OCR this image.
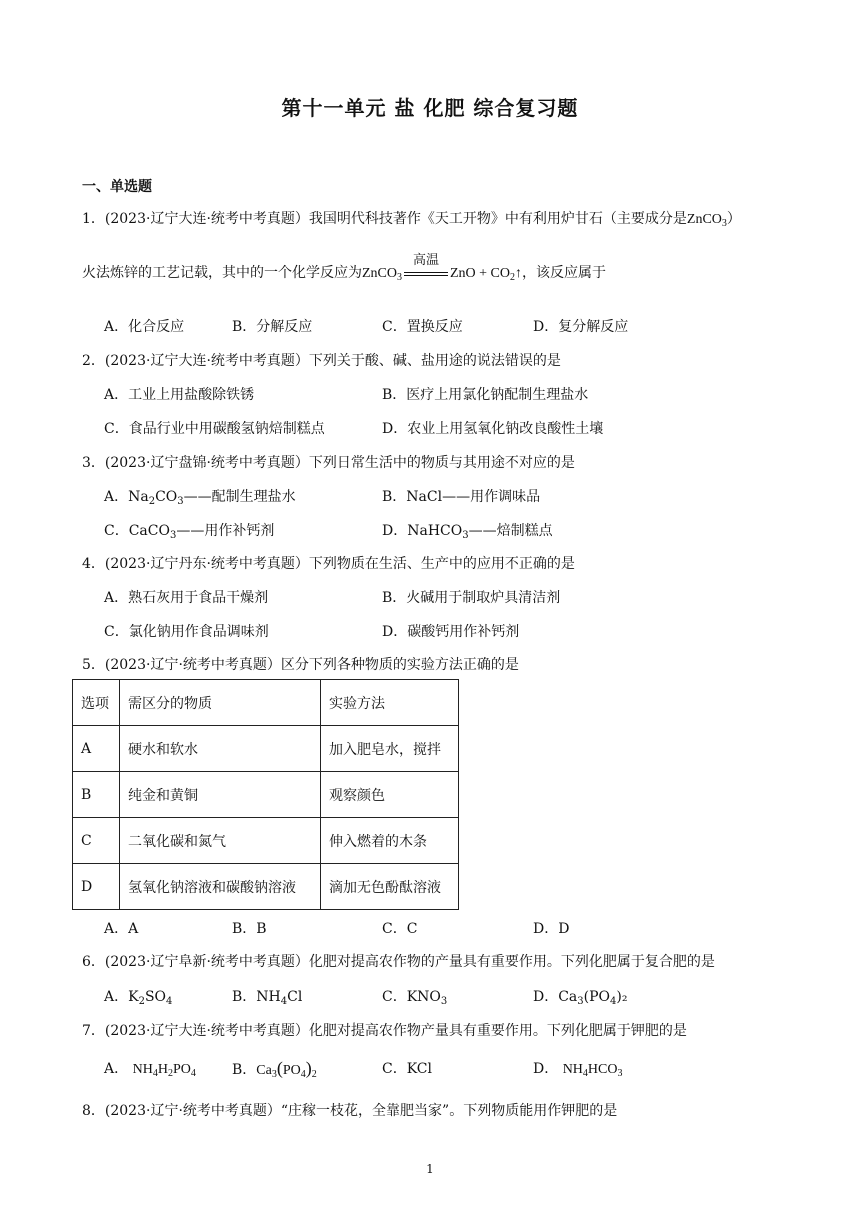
第十一单元 盐 化肥 综合复习题
一、单选题
1．(2023·辽宁大连·统考中考真题）我国明代科技著作《天工开物》中有利用炉甘石（主要成分是ZnCO$_3$）
火法炼锌的工艺记载，其中的一个化学反应为ZnCO$_3$
高温
ZnO + $CO_2↑$，该反应属于
A．化合反应	B．分解反应	C．置换反应	D．复分解反应
2．(2023·辽宁大连·统考中考真题）下列关于酸、碱、盐用途的说法错误的是
A．工业上用盐酸除铁锈	B．医疗上用氯化钠配制生理盐水
C．食品行业中用碳酸氢钠焙制糕点	D．农业上用氢氧化钠改良酸性土壤
3．(2023·辽宁盘锦·统考中考真题）下列日常生活中的物质与其用途不对应的是
A．$Na_2CO_3——$配制生理盐水	B．NaCl——用作调味品
C．CaCO$_3$——用作补钙剂	D．NaHCO$_3$——焙制糕点
4．(2023·辽宁丹东·统考中考真题）下列物质在生活、生产中的应用不正确的是
A．熟石灰用于食品干燥剂	B．火碱用于制取炉具清洁剂
C．氯化钠用作食品调味剂	D．碳酸钙用作补钙剂
5．(2023·辽宁·统考中考真题）区分下列各种物质的实验方法正确的是
选项	需区分的物质	实验方法
A	硬水和软水	加入肥皂水，搅拌
B	纯金和黄铜	观察颜色
C	二氧化碳和氮气	伸入燃着的木条
D	氢氧化钠溶液和碳酸钠溶液	滴加无色酚酞溶液
A．A	B．B	C．C	D．D
6．(2023·辽宁阜新·统考中考真题）化肥对提高农作物的产量具有重要作用。下列化肥属于复合肥的是
A．$K_2SO_4$	B．$NH_4Cl$	C．$KNO_3$	D．$Ca_3(PO_4)_2$
7．(2023·辽宁大连·统考中考真题）化肥对提高农作物产量具有重要作用。下列化肥属于钾肥的是
A． $NH_4H_2PO_4$	B．$Ca_3(PO_4)_2$	C．KCl	D． $NH_4HCO_3$
8．(2023·辽宁·统考中考真题）“庄稼一枝花，全靠肥当家”。下列物质能用作钾肥的是
1
